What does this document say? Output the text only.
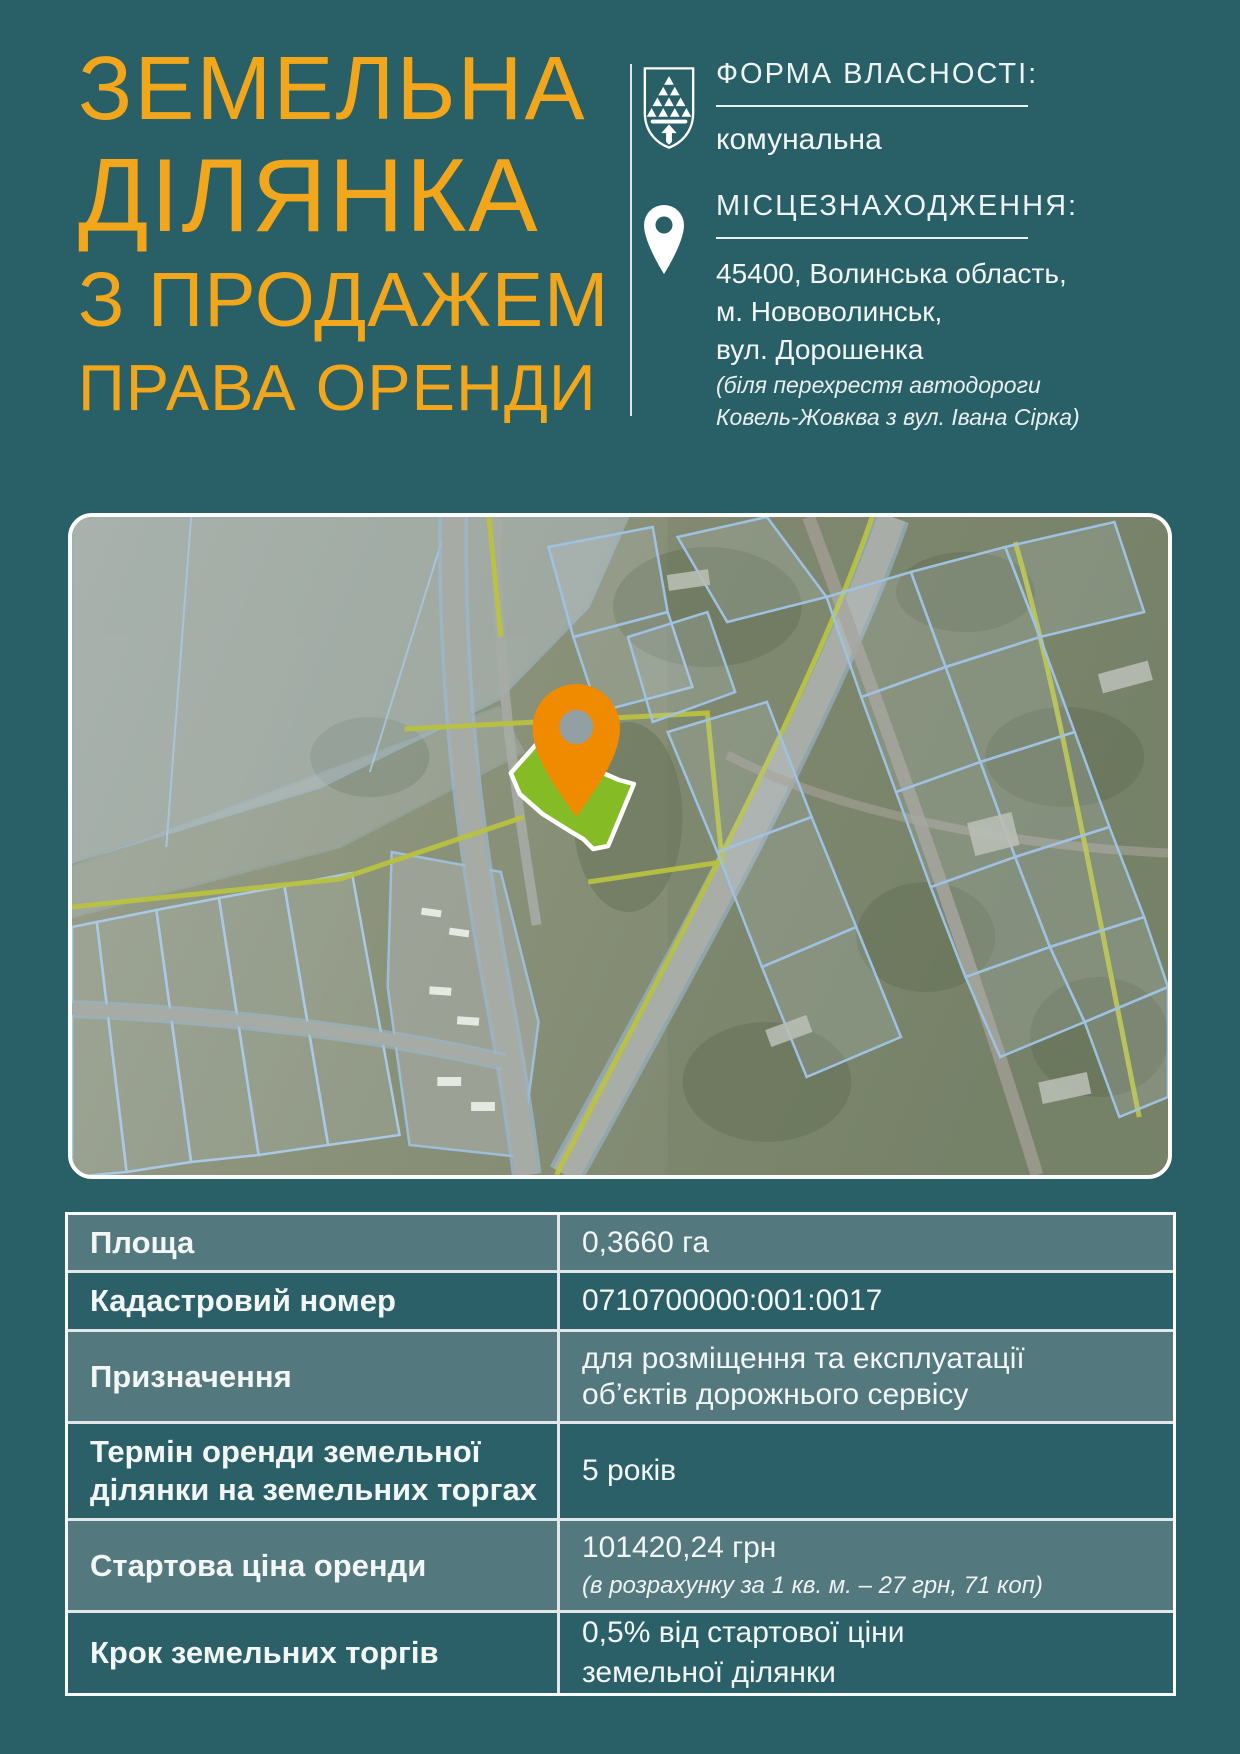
ЗЕМЕЛЬНА
ДІЛЯНКА
З ПРОДАЖЕМ
ПРАВА ОРЕНДИ
ФОРМА ВЛАСНОСТІ:
комунальна
МІСЦЕЗНАХОДЖЕННЯ:
45400, Волинська область,
м. Нововолинськ,
вул. Дорошенка
(біля перехрестя автодороги
Ковель-Жовква з вул. Івана Сірка)
Площа	0,3660 га
Кадастровий номер	0710700000:001:0017
Призначення
для розміщення та експлуатації об’єктів дорожнього сервісу
Термін оренди земельної ділянки на земельних торгах
5 років
Стартова ціна оренди
101420,24 грн
(в розрахунку за 1 кв. м. – 27 грн, 71 коп)
Крок земельних торгів
0,5% від стартової ціни земельної ділянки
